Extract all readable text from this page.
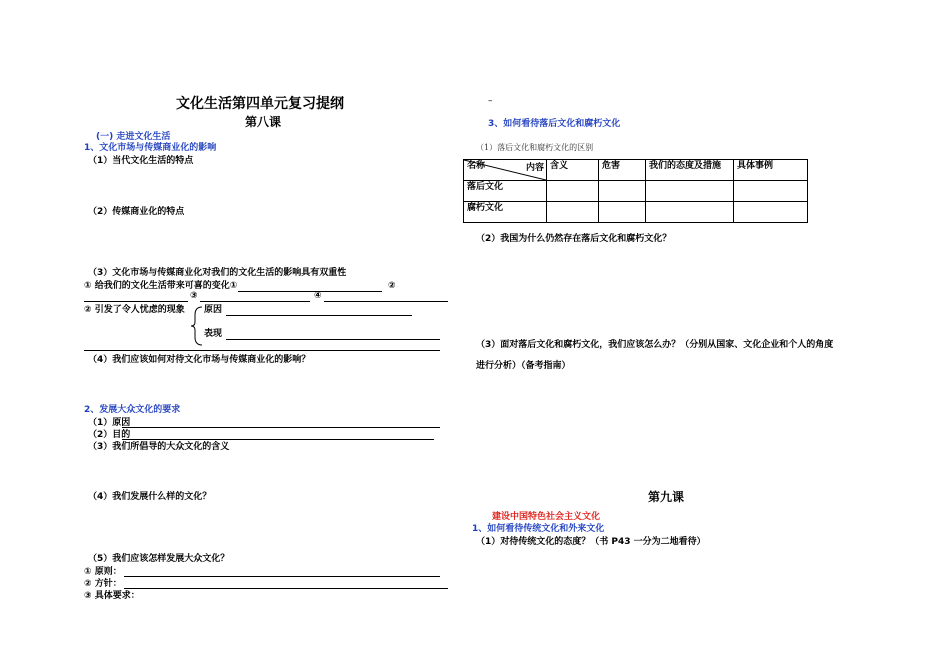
文化生活第四单元复习提纲
第八课
(一) 走进文化生活
1、文化市场与传媒商业化的影响
（1）当代文化生活的特点
（2）传媒商业化的特点
（3）文化市场与传媒商业化对我们的文化生活的影响具有双重性
① 给我们的文化生活带来可喜的变化①	②
③	④
② 引发了令人忧虑的现象 原因
表现
（4）我们应该如何对待文化市场与传媒商业化的影响？
2、发展大众文化的要求
（1）原因
（2）目的
（3）我们所倡导的大众文化的含义
（4）我们发展什么样的文化？
（5）我们应该怎样发展大众文化？
① 原则：
② 方针：
③ 具体要求：
–
3、如何看待落后文化和腐朽文化
（1）落后文化和腐朽文化的区别
名称 内容	含义	危害	我们的态度及措施	具体事例
落后文化				
腐朽文化				
（2）我国为什么仍然存在落后文化和腐朽文化？
（3）面对落后文化和腐朽文化，我们应该怎么办？（分别从国家、文化企业和个人的角度
进行分析）（备考指南）
第九课
建设中国特色社会主义文化
1、如何看待传统文化和外来文化
（1）对待传统文化的态度？（书 P43 一分为二地看待）
